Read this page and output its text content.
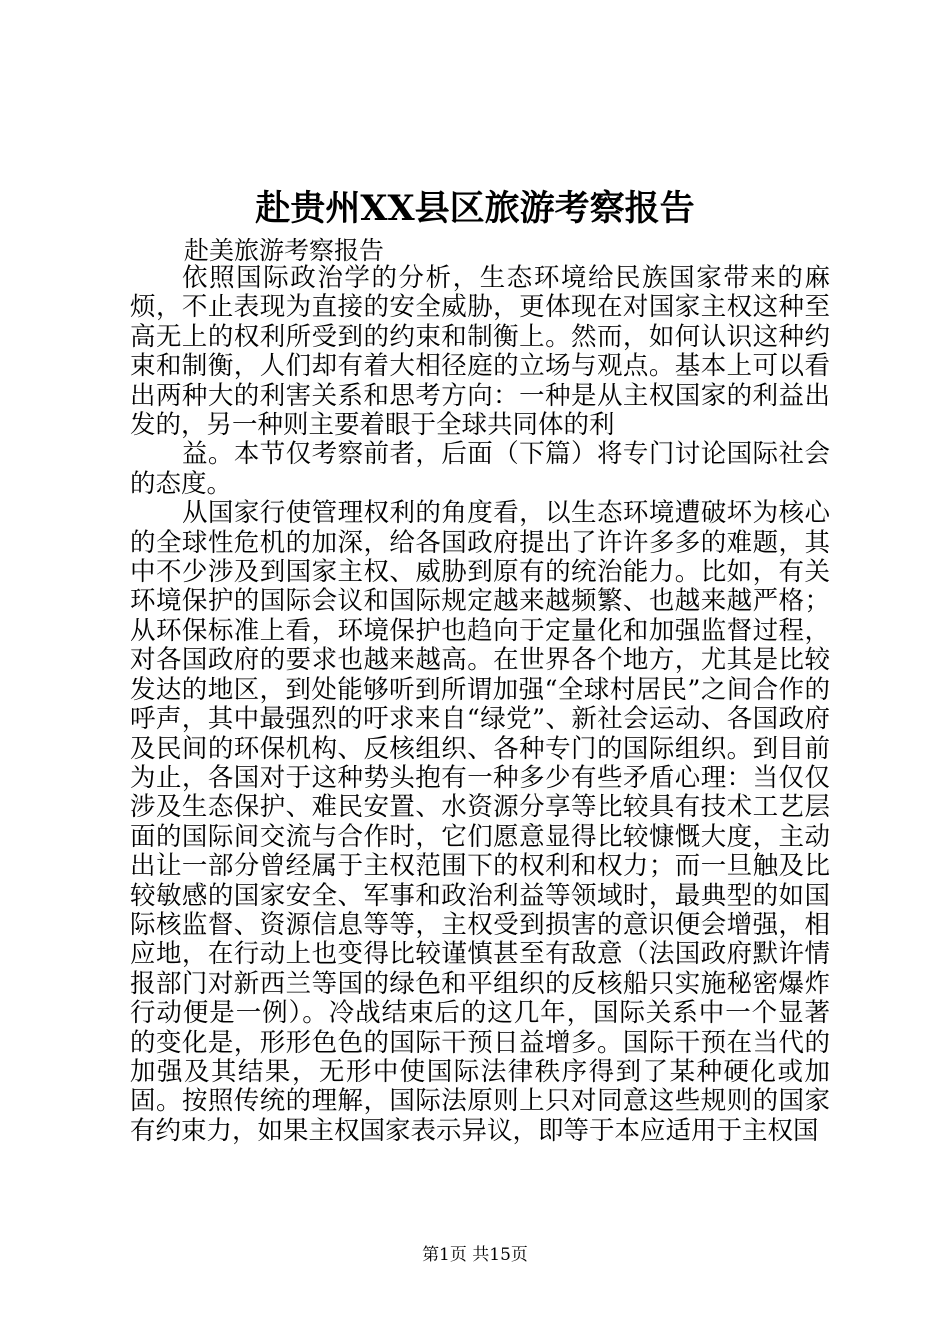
赴贵州XX县区旅游考察报告
赴美旅游考察报告

依照国际政治学的分析，生态环境给民族国家带来的麻烦，不止表现为直接的安全威胁，更体现在对国家主权这种至高无上的权利所受到的约束和制衡上。然而，如何认识这种约束和制衡，人们却有着大相径庭的立场与观点。基本上可以看出两种大的利害关系和思考方向：一种是从主权国家的利益出发的，另一种则主要着眼于全球共同体的利

益。本节仅考察前者，后面（下篇）将专门讨论国际社会的态度。

从国家行使管理权利的角度看，以生态环境遭破坏为核心的全球性危机的加深，给各国政府提出了许许多多的难题，其中不少涉及到国家主权、威胁到原有的统治能力。比如，有关环境保护的国际会议和国际规定越来越频繁、也越来越严格；从环保标准上看，环境保护也趋向于定量化和加强监督过程，对各国政府的要求也越来越高。在世界各个地方，尤其是比较发达的地区，到处能够听到所谓加强“全球村居民”之间合作的呼声，其中最强烈的吁求来自“绿党”、新社会运动、各国政府及民间的环保机构、反核组织、各种专门的国际组织。到目前为止，各国对于这种势头抱有一种多少有些矛盾心理：当仅仅涉及生态保护、难民安置、水资源分享等比较具有技术工艺层面的国际间交流与合作时，它们愿意显得比较慷慨大度，主动出让一部分曾经属于主权范围下的权利和权力；而一旦触及比较敏感的国家安全、军事和政治利益等领域时，最典型的如国际核监督、资源信息等等，主权受到损害的意识便会增强，相应地，在行动上也变得比较谨慎甚至有敌意（法国政府默许情报部门对新西兰等国的绿色和平组织的反核船只实施秘密爆炸行动便是一例）。冷战结束后的这几年，国际关系中一个显著的变化是，形形色色的国际干预日益增多。国际干预在当代的加强及其结果，无形中使国际法律秩序得到了某种硬化或加固。按照传统的理解，国际法原则上只对同意这些规则的国家有约束力，如果主权国家表示异议，即等于本应适用于主权国

第1页 共15页
